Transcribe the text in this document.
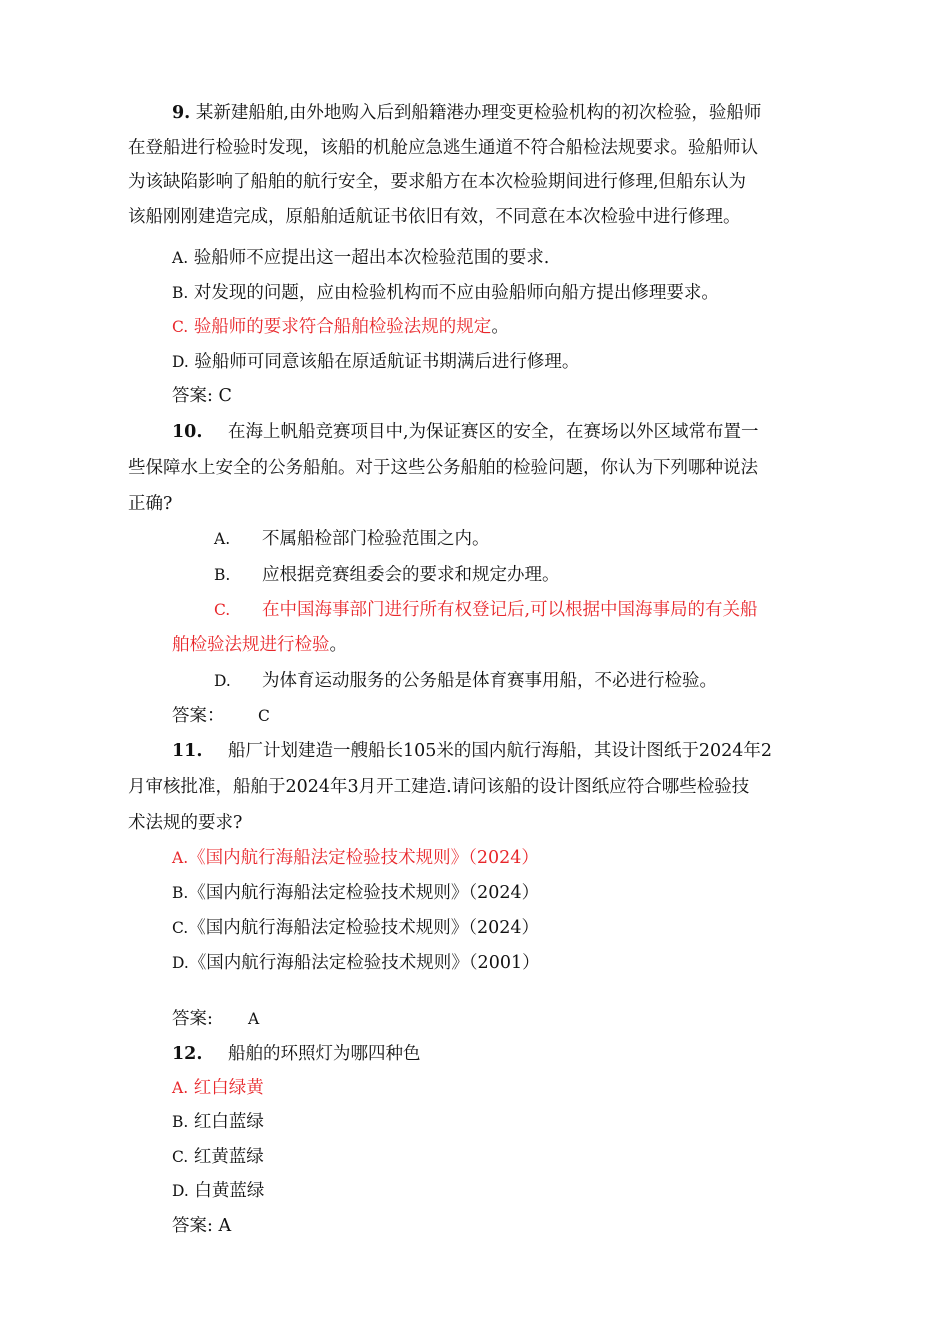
9. 某新建船舶,由外地购入后到船籍港办理变更检验机构的初次检验，验船师
在登船进行检验时发现，该船的机舱应急逃生通道不符合船检法规要求。验船师认
为该缺陷影响了船舶的航行安全，要求船方在本次检验期间进行修理,但船东认为
该船刚刚建造完成，原船舶适航证书依旧有效，不同意在本次检验中进行修理。
A. 验船师不应提出这一超出本次检验范围的要求.
B. 对发现的问题，应由检验机构而不应由验船师向船方提出修理要求。
C. 验船师的要求符合船舶检验法规的规定。
D. 验船师可同意该船在原适航证书期满后进行修理。
答案: C
10. 在海上帆船竞赛项目中,为保证赛区的安全，在赛场以外区域常布置一
些保障水上安全的公务船舶。对于这些公务船舶的检验问题，你认为下列哪种说法
正确?
A. 不属船检部门检验范围之内。
B. 应根据竞赛组委会的要求和规定办理。
C. 在中国海事部门进行所有权登记后,可以根据中国海事局的有关船
舶检验法规进行检验。
D. 为体育运动服务的公务船是体育赛事用船，不必进行检验。
答案： C
11. 船厂计划建造一艘船长105米的国内航行海船，其设计图纸于2024年2
月审核批准，船舶于2024年3月开工建造.请问该船的设计图纸应符合哪些检验技
术法规的要求?
A.《国内航行海船法定检验技术规则》（2024）
B.《国内航行海船法定检验技术规则》（2024）
C.《国内航行海船法定检验技术规则》（2024）
D.《国内航行海船法定检验技术规则》（2001）
答案: A
12. 船舶的环照灯为哪四种色
A. 红白绿黄
B. 红白蓝绿
C. 红黄蓝绿
D. 白黄蓝绿
答案: A
